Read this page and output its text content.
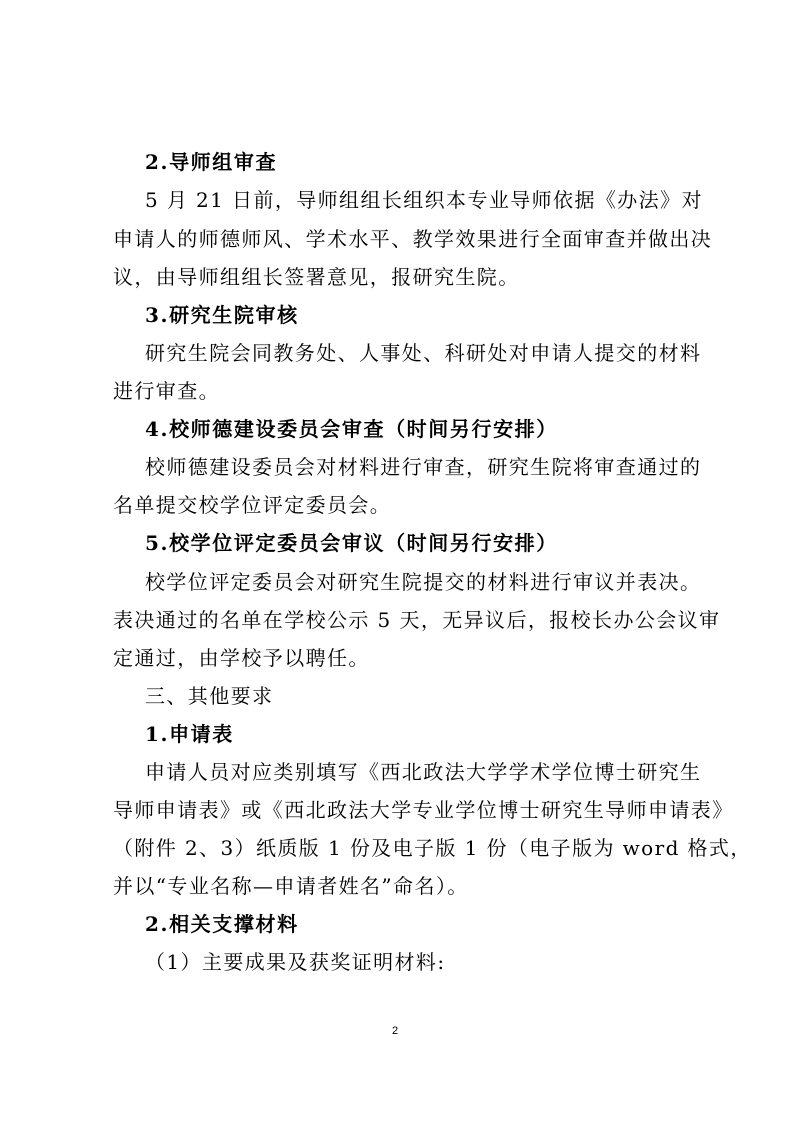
2.导师组审查
5 月 21 日前，导师组组长组织本专业导师依据《办法》对
申请人的师德师风、学术水平、教学效果进行全面审查并做出决
议，由导师组组长签署意见，报研究生院。
3.研究生院审核
研究生院会同教务处、人事处、科研处对申请人提交的材料
进行审查。
4.校师德建设委员会审查（时间另行安排）
校师德建设委员会对材料进行审查，研究生院将审查通过的
名单提交校学位评定委员会。
5.校学位评定委员会审议（时间另行安排）
校学位评定委员会对研究生院提交的材料进行审议并表决。
表决通过的名单在学校公示 5 天，无异议后，报校长办公会议审
定通过，由学校予以聘任。
三、其他要求
1.申请表
申请人员对应类别填写《西北政法大学学术学位博士研究生
导师申请表》或《西北政法大学专业学位博士研究生导师申请表》
（附件 2、3）纸质版 1 份及电子版 1 份（电子版为 word 格式，
并以“专业名称—申请者姓名”命名）。
2.相关支撑材料
（1）主要成果及获奖证明材料:
2
